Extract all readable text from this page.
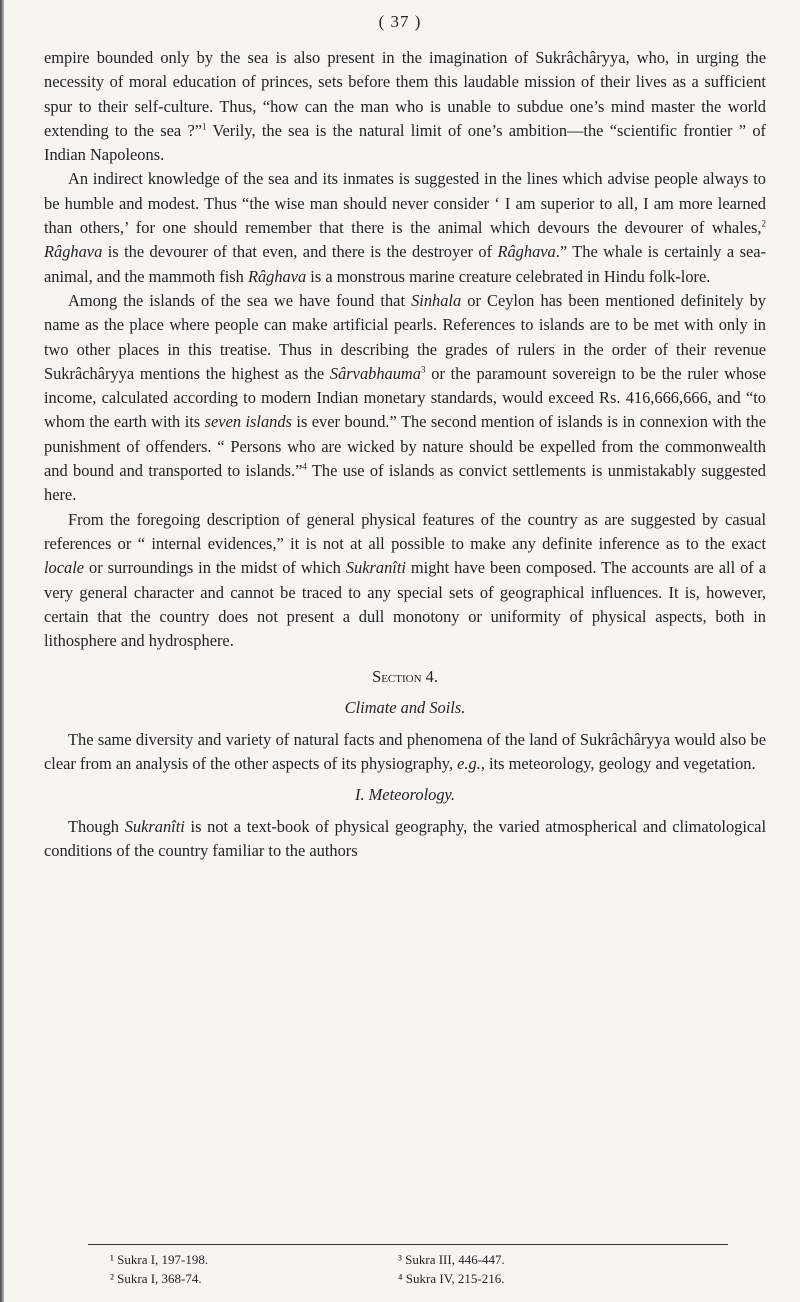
( 37 )

empire bounded only by the sea is also present in the imagination of Sukrâchâryya, who, in urging the necessity of moral education of princes, sets before them this laudable mission of their lives as a sufficient spur to their self-culture. Thus, “how can the man who is unable to subdue one’s mind master the world extending to the sea ?”$^1$ Verily, the sea is the natural limit of one’s ambition—the “scientific frontier ” of Indian Napoleons.

An indirect knowledge of the sea and its inmates is suggested in the lines which advise people always to be humble and modest. Thus “the wise man should never consider ‘ I am superior to all, I am more learned than others,’ for one should remember that there is the animal which devours the devourer of whales,$^2$ Râghava is the devourer of that even, and there is the destroyer of Râghava.” The whale is certainly a sea-animal, and the mammoth fish Râghava is a monstrous marine creature celebrated in Hindu folk-lore.

Among the islands of the sea we have found that Sinhala or Ceylon has been mentioned definitely by name as the place where people can make artificial pearls. References to islands are to be met with only in two other places in this treatise. Thus in describing the grades of rulers in the order of their revenue Sukrâchâryya mentions the highest as the Sârvabhauma$^3$ or the paramount sovereign to be the ruler whose income, calculated according to modern Indian monetary standards, would exceed Rs. 416,666,666, and “to whom the earth with its seven islands is ever bound.” The second mention of islands is in connexion with the punishment of offenders. “ Persons who are wicked by nature should be expelled from the commonwealth and bound and transported to islands.”$^4$ The use of islands as convict settlements is unmistakably suggested here.

From the foregoing description of general physical features of the country as are suggested by casual references or “ internal evidences,” it is not at all possible to make any definite inference as to the exact locale or surroundings in the midst of which Sukranîti might have been composed. The accounts are all of a very general character and cannot be traced to any special sets of geographical influences. It is, however, certain that the country does not present a dull monotony or uniformity of physical aspects, both in lithosphere and hydrosphere.

Section 4.
Climate and Soils.

The same diversity and variety of natural facts and phenomena of the land of Sukrâchâryya would also be clear from an analysis of the other aspects of its physiography, e.g., its meteorology, geology and vegetation.

I. Meteorology.

Though Sukranîti is not a text-book of physical geography, the varied atmospherical and climatological conditions of the country familiar to the authors

¹ Sukra I, 197-198.
² Sukra I, 368-74.
³ Sukra III, 446-447.
⁴ Sukra IV, 215-216.
